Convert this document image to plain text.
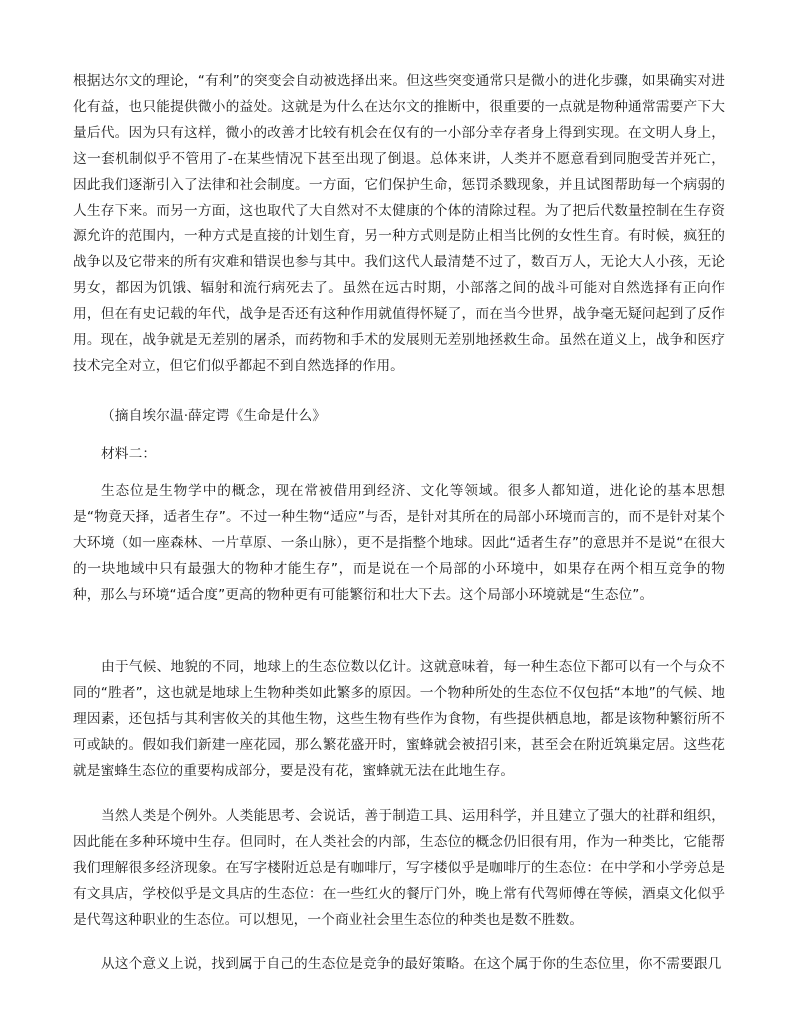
根据达尔文的理论，“有利”的突变会自动被选择出来。但这些突变通常只是微小的进化步骤，如果确实对进化有益，也只能提供微小的益处。这就是为什么在达尔文的推断中，很重要的一点就是物种通常需要产下大量后代。因为只有这样，微小的改善才比较有机会在仅有的一小部分幸存者身上得到实现。在文明人身上，这一套机制似乎不管用了-在某些情况下甚至出现了倒退。总体来讲，人类并不愿意看到同胞受苦并死亡，因此我们逐渐引入了法律和社会制度。一方面，它们保护生命，惩罚杀戮现象，并且试图帮助每一个病弱的人生存下来。而另一方面，这也取代了大自然对不太健康的个体的清除过程。为了把后代数量控制在生存资源允许的范围内，一种方式是直接的计划生育，另一种方式则是防止相当比例的女性生育。有时候，疯狂的战争以及它带来的所有灾难和错误也参与其中。我们这代人最清楚不过了，数百万人，无论大人小孩，无论男女，都因为饥饿、辐射和流行病死去了。虽然在远古时期，小部落之间的战斗可能对自然选择有正向作用，但在有史记载的年代，战争是否还有这种作用就值得怀疑了，而在当今世界，战争毫无疑问起到了反作用。现在，战争就是无差别的屠杀，而药物和手术的发展则无差别地拯救生命。虽然在道义上，战争和医疗技术完全对立，但它们似乎都起不到自然选择的作用。

（摘自埃尔温·薛定谔《生命是什么》

材料二：

生态位是生物学中的概念，现在常被借用到经济、文化等领域。很多人都知道，进化论的基本思想是“物竟天择，适者生存”。不过一种生物“适应”与否，是针对其所在的局部小环境而言的，而不是针对某个大环境（如一座森林、一片草原、一条山脉），更不是指整个地球。因此“适者生存”的意思并不是说“在很大的一块地域中只有最强大的物种才能生存”，而是说在一个局部的小环境中，如果存在两个相互竞争的物种，那么与环境“适合度”更高的物种更有可能繁衍和壮大下去。这个局部小环境就是“生态位”。

由于气候、地貌的不同，地球上的生态位数以亿计。这就意味着，每一种生态位下都可以有一个与众不同的“胜者”，这也就是地球上生物种类如此繁多的原因。一个物种所处的生态位不仅包括“本地”的气候、地理因素，还包括与其利害攸关的其他生物，这些生物有些作为食物，有些提供栖息地，都是该物种繁衍所不可或缺的。假如我们新建一座花园，那么繁花盛开时，蜜蜂就会被招引来，甚至会在附近筑巢定居。这些花就是蜜蜂生态位的重要构成部分，要是没有花，蜜蜂就无法在此地生存。

当然人类是个例外。人类能思考、会说话，善于制造工具、运用科学，并且建立了强大的社群和组织，因此能在多种环境中生存。但同时，在人类社会的内部，生态位的概念仍旧很有用，作为一种类比，它能帮我们理解很多经济现象。在写字楼附近总是有咖啡厅，写字楼似乎是咖啡厅的生态位：在中学和小学旁总是有文具店，学校似乎是文具店的生态位：在一些红火的餐厅门外，晚上常有代驾师傅在等候，酒桌文化似乎是代驾这种职业的生态位。可以想见，一个商业社会里生态位的种类也是数不胜数。

从这个意义上说，找到属于自己的生态位是竞争的最好策略。在这个属于你的生态位里，你不需要跟几
